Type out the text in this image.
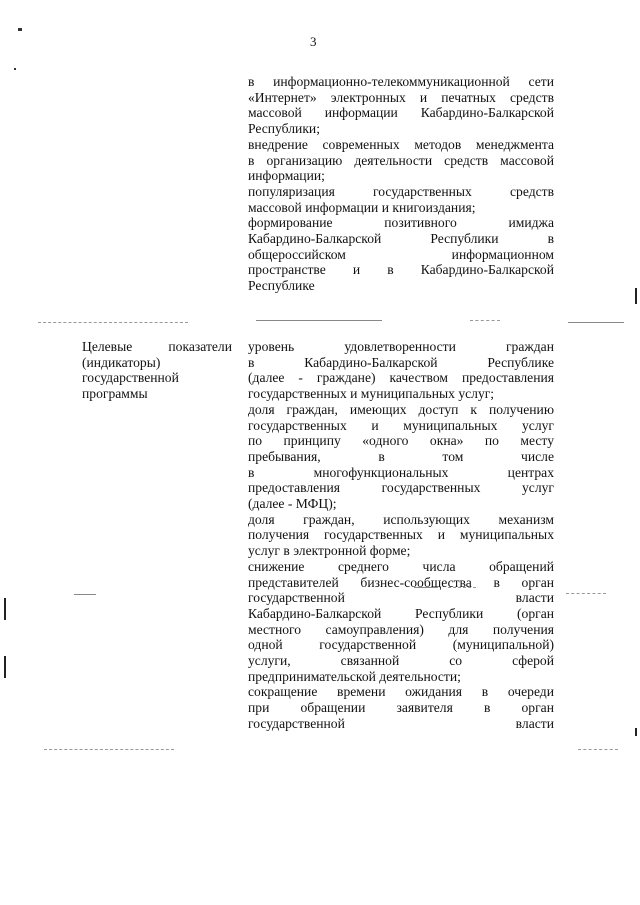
3

в информационно-телекоммуникационной сети

«Интернет» электронных и печатных средств

массовой информации Кабардино-Балкарской

Республики;

внедрение современных методов менеджмента

в организацию деятельности средств массовой

информации;

популяризация государственных средств

массовой информации и книгоиздания;

формирование позитивного имиджа

Кабардино-Балкарской Республики в

общероссийском информационном

пространстве и в Кабардино-Балкарской

Республике

Целевые показатели

(индикаторы)

государственной

программы

уровень удовлетворенности граждан

в Кабардино-Балкарской Республике

(далее - граждане) качеством предоставления

государственных и муниципальных услуг;

доля граждан, имеющих доступ к получению

государственных и муниципальных услуг

по принципу «одного окна» по месту

пребывания, в том числе

в многофункциональных центрах

предоставления государственных услуг

(далее - МФЦ);

доля граждан, использующих механизм

получения государственных и муниципальных

услуг в электронной форме;

снижение среднего числа обращений

представителей бизнес-сообщества в орган

государственной власти

Кабардино-Балкарской Республики (орган

местного самоуправления) для получения

одной государственной (муниципальной)

услуги, связанной со сферой

предпринимательской деятельности;

сокращение времени ожидания в очереди

при обращении заявителя в орган

государственной власти
